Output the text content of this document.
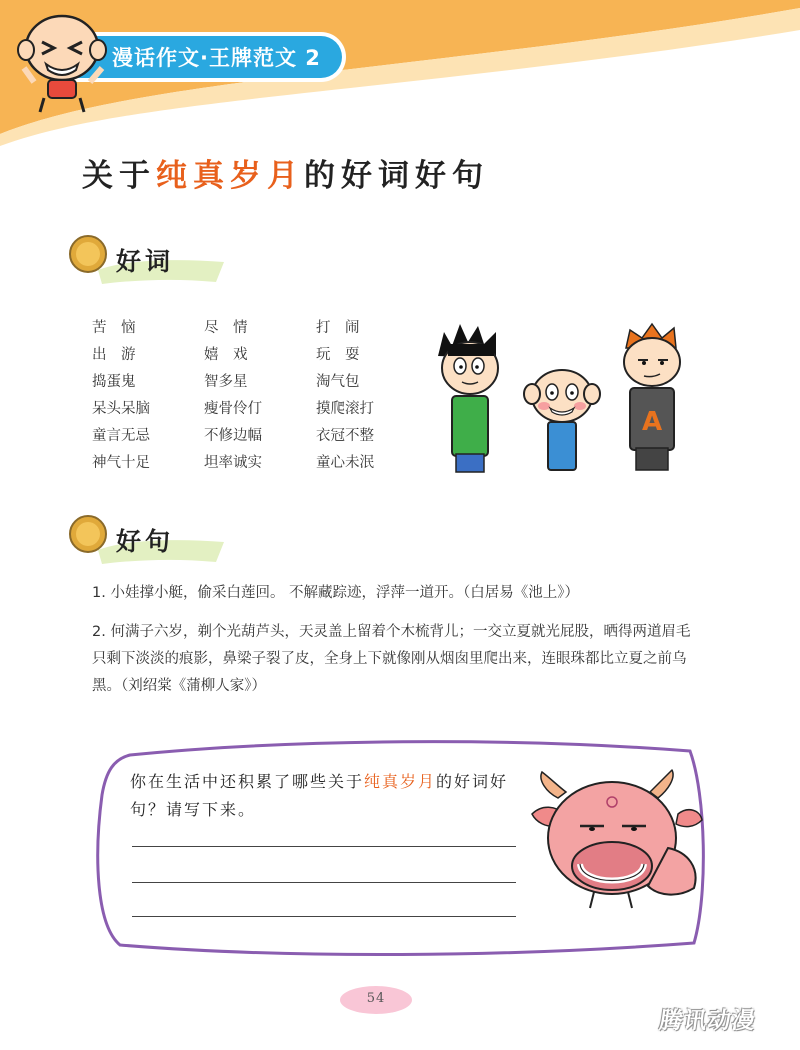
漫话作文·王牌范文 2
关于纯真岁月的好词好句
好词
苦　恼	尽　情	打　闹
出　游	嬉　戏	玩　耍
捣蛋鬼	智多星	淘气包
呆头呆脑	瘦骨伶仃	摸爬滚打
童言无忌	不修边幅	衣冠不整
神气十足	坦率诚实	童心未泯
A
好句

1. 小娃撑小艇，偷采白莲回。 不解藏踪迹，浮萍一道开。（白居易《池上》）

2. 何满子六岁，剃个光葫芦头，天灵盖上留着个木梳背儿；一交立夏就光屁股，晒得两道眉毛只剩下淡淡的痕影，鼻梁子裂了皮，全身上下就像刚从烟囱里爬出来，连眼珠都比立夏之前乌黑。（刘绍棠《蒲柳人家》）

你在生活中还积累了哪些关于纯真岁月的好词好句？请写下来。
54
腾讯动漫
